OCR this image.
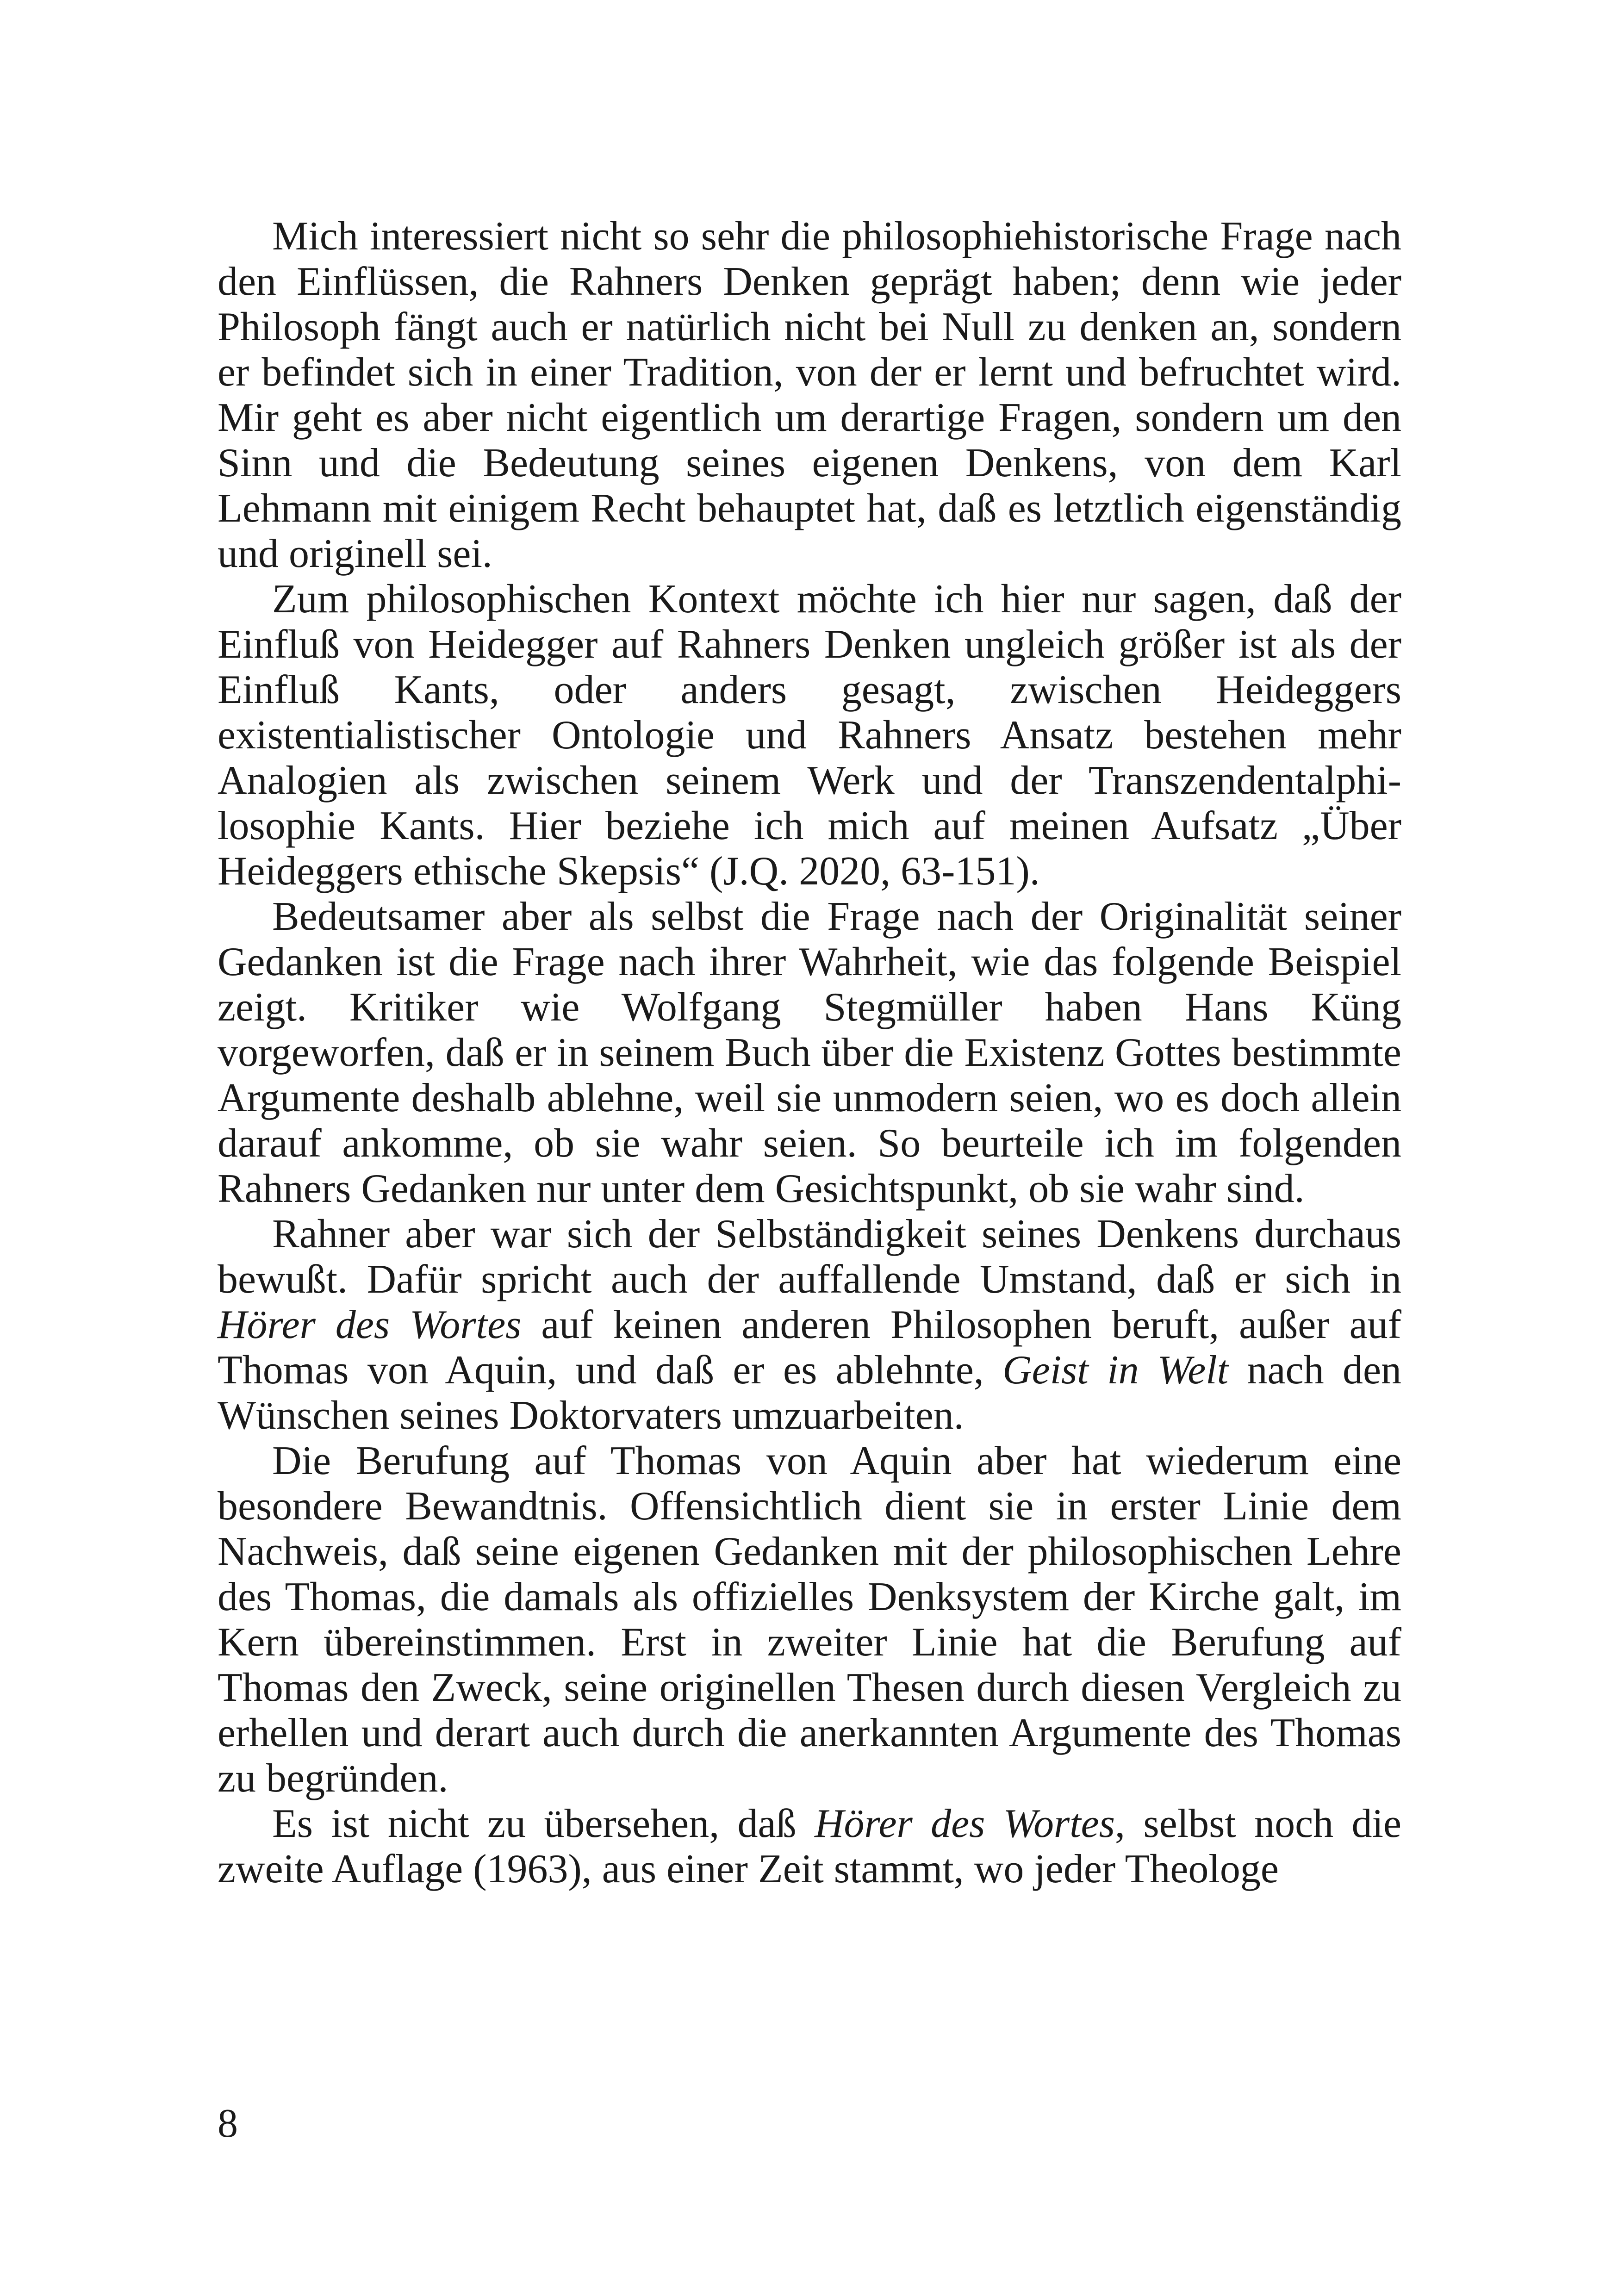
Mich interessiert nicht so sehr die philosophiehistorische Frage nach den Einflüssen, die Rahners Denken geprägt haben; denn wie jeder Philosoph fängt auch er natürlich nicht bei Null zu denken an, sondern er befindet sich in einer Tradition, von der er lernt und befruchtet wird. Mir geht es aber nicht eigentlich um derartige Fragen, sondern um den Sinn und die Bedeutung seines eigenen Denkens, von dem Karl Lehmann mit einigem Recht behauptet hat, daß es letztlich eigenständig und originell sei.

Zum philosophischen Kontext möchte ich hier nur sagen, daß der Einfluß von Heidegger auf Rahners Denken ungleich größer ist als der Einfluß Kants, oder anders gesagt, zwischen Heideggers existentialistischer Ontologie und Rahners Ansatz bestehen mehr Analogien als zwischen seinem Werk und der Transzendentalphilosophie Kants. Hier beziehe ich mich auf meinen Aufsatz „Über Heideggers ethische Skepsis“ (J.Q. 2020, 63-151).

Bedeutsamer aber als selbst die Frage nach der Originalität seiner Gedanken ist die Frage nach ihrer Wahrheit, wie das folgende Beispiel zeigt. Kritiker wie Wolfgang Stegmüller haben Hans Küng vorgeworfen, daß er in seinem Buch über die Existenz Gottes bestimmte Argumente deshalb ablehne, weil sie unmodern seien, wo es doch allein darauf ankomme, ob sie wahr seien. So beurteile ich im folgenden Rahners Gedanken nur unter dem Gesichtspunkt, ob sie wahr sind.

Rahner aber war sich der Selbständigkeit seines Denkens durchaus bewußt. Dafür spricht auch der auffallende Umstand, daß er sich in Hörer des Wortes auf keinen anderen Philosophen beruft, außer auf Thomas von Aquin, und daß er es ablehnte, Geist in Welt nach den Wünschen seines Doktorvaters umzuarbeiten.

Die Berufung auf Thomas von Aquin aber hat wiederum eine besondere Bewandtnis. Offensichtlich dient sie in erster Linie dem Nachweis, daß seine eigenen Gedanken mit der philosophischen Lehre des Thomas, die damals als offizielles Denksystem der Kirche galt, im Kern übereinstimmen. Erst in zweiter Linie hat die Berufung auf Thomas den Zweck, seine originellen Thesen durch diesen Vergleich zu erhellen und derart auch durch die anerkannten Argumente des Thomas zu begründen.

Es ist nicht zu übersehen, daß Hörer des Wortes, selbst noch die zweite Auflage (1963), aus einer Zeit stammt, wo jeder Theologe

8
